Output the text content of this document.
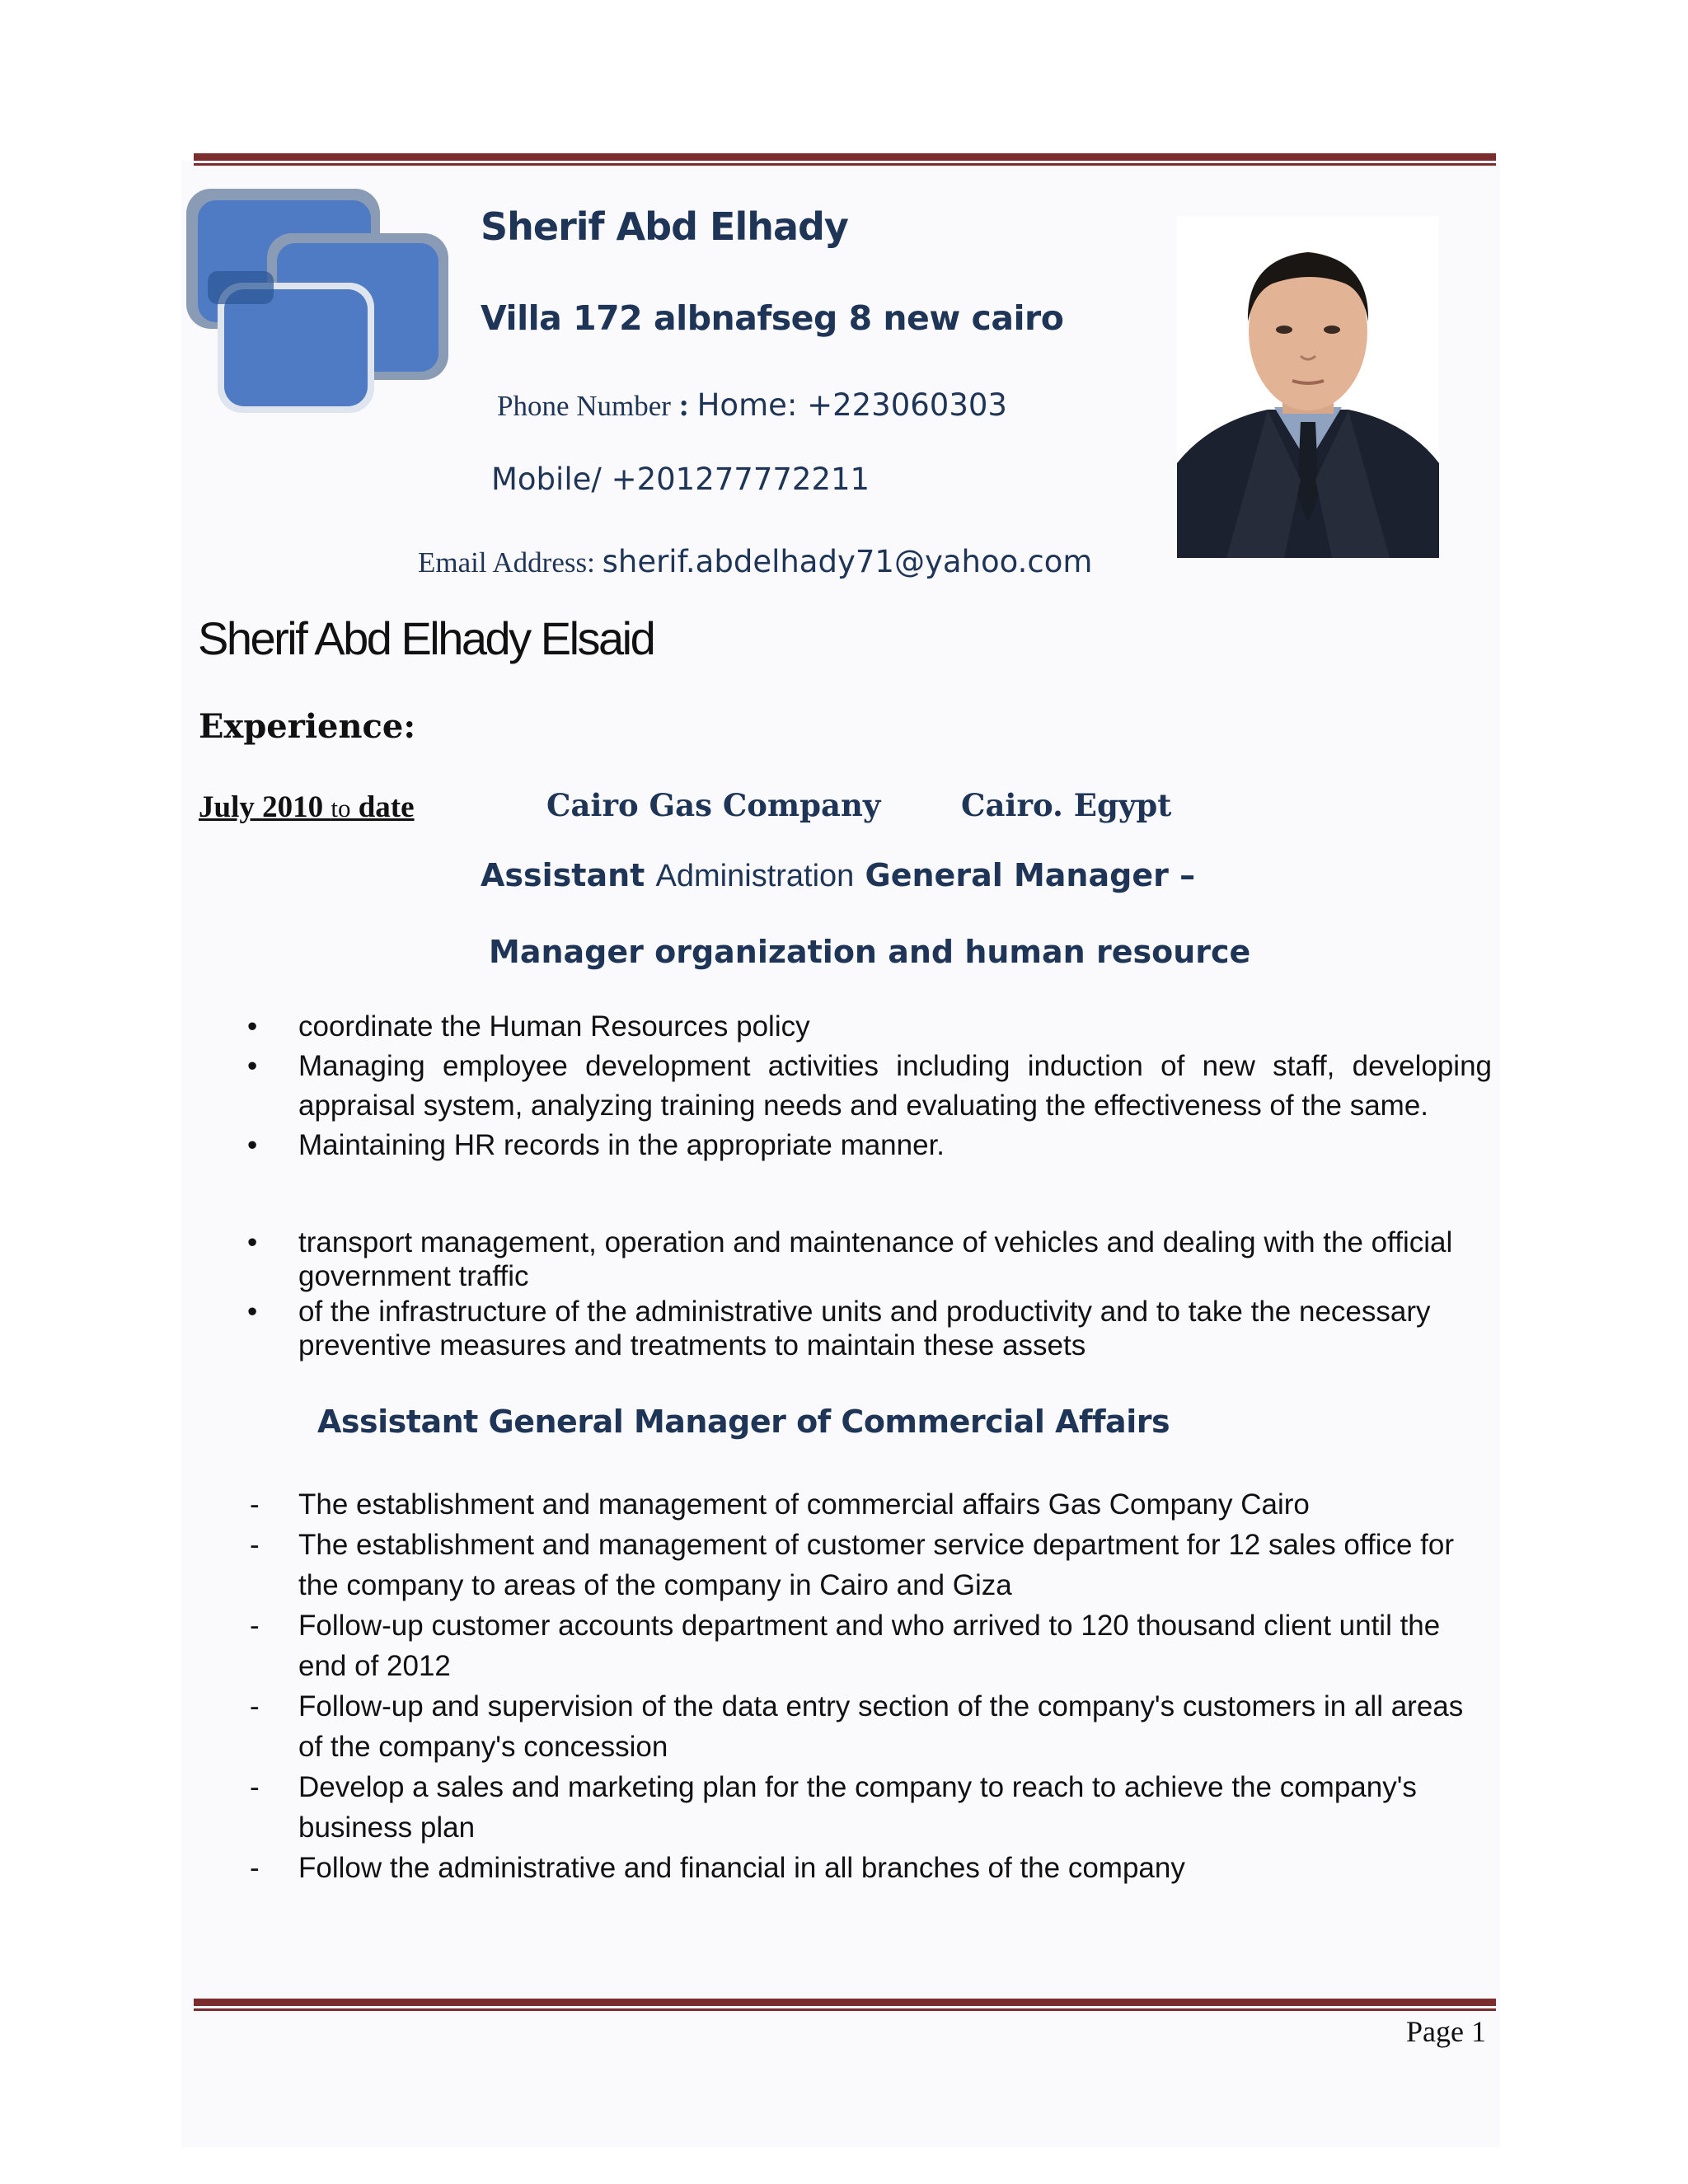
Sherif Abd Elhady
Villa 172 albnafseg 8 new cairo
Phone Number : Home: +223060303
Mobile/ +201277772211
Email Address: sherif.abdelhady71@yahoo.com
Sherif Abd Elhady Elsaid
Experience:
July 2010 to date	Cairo Gas Company	Cairo. Egypt
Assistant Administration General Manager –
Manager organization and human resource
• coordinate the Human Resources policy
• Managing employee development activities including induction of new staff, developing appraisal system, analyzing training needs and evaluating the effectiveness of the same.
• Maintaining HR records in the appropriate manner.
• transport management, operation and maintenance of vehicles and dealing with the official government traffic
• of the infrastructure of the administrative units and productivity and to take the necessary preventive measures and treatments to maintain these assets
Assistant General Manager of Commercial Affairs
- The establishment and management of commercial affairs Gas Company Cairo
- The establishment and management of customer service department for 12 sales office for the company to areas of the company in Cairo and Giza
- Follow-up customer accounts department and who arrived to 120 thousand client until the end of 2012
- Follow-up and supervision of the data entry section of the company's customers in all areas of the company's concession
- Develop a sales and marketing plan for the company to reach to achieve the company's business plan
- Follow the administrative and financial in all branches of the company
Page 1
